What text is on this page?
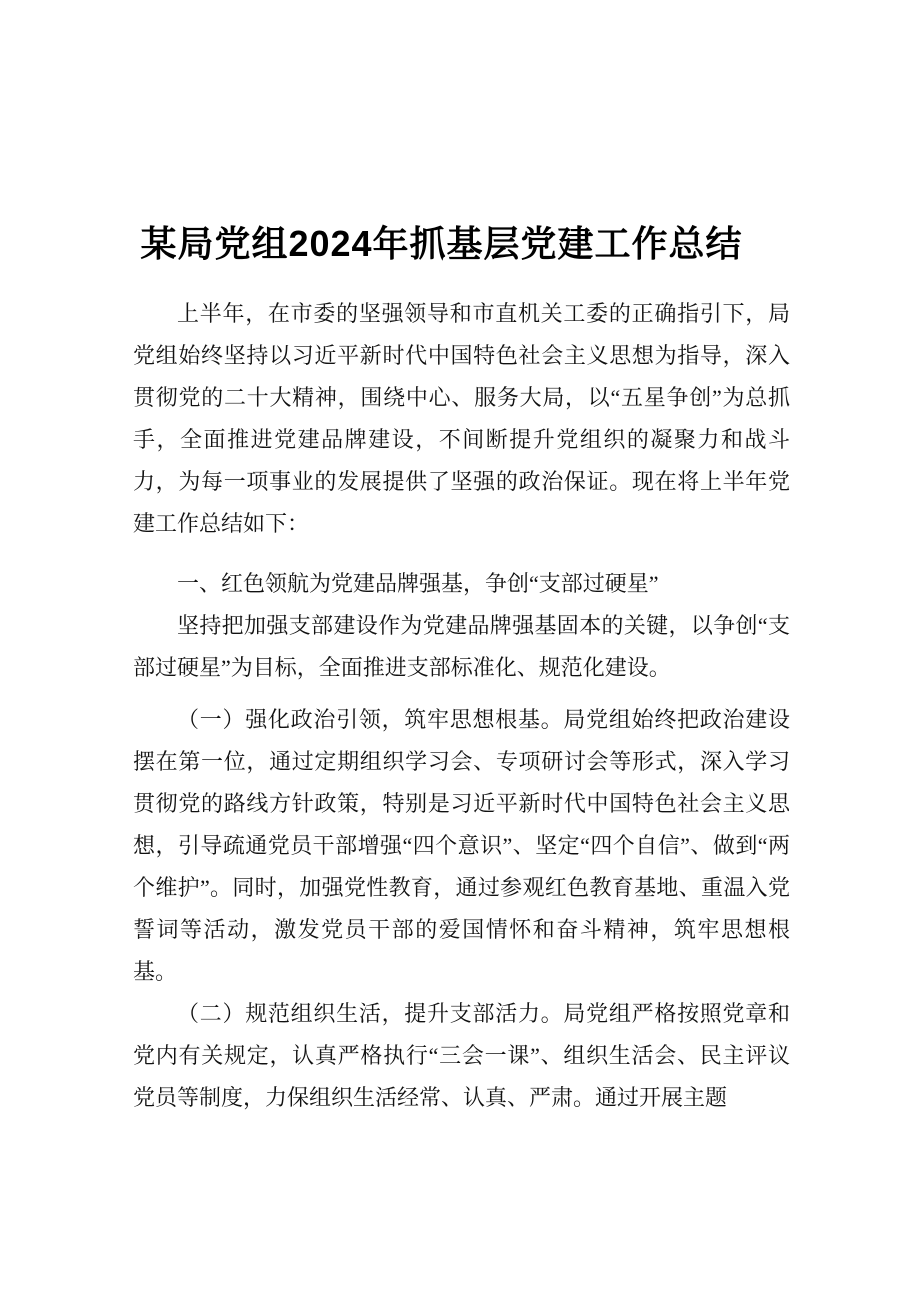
某局党组2024年抓基层党建工作总结

上半年，在市委的坚强领导和市直机关工委的正确指引下，局党组始终坚持以习近平新时代中国特色社会主义思想为指导，深入贯彻党的二十大精神，围绕中心、服务大局，以“五星争创”为总抓手，全面推进党建品牌建设，不间断提升党组织的凝聚力和战斗力，为每一项事业的发展提供了坚强的政治保证。现在将上半年党建工作总结如下：

一、红色领航为党建品牌强基，争创“支部过硬星”

坚持把加强支部建设作为党建品牌强基固本的关键，以争创“支部过硬星”为目标，全面推进支部标准化、规范化建设。

（一）强化政治引领，筑牢思想根基。局党组始终把政治建设摆在第一位，通过定期组织学习会、专项研讨会等形式，深入学习贯彻党的路线方针政策，特别是习近平新时代中国特色社会主义思想，引导疏通党员干部增强“四个意识”、坚定“四个自信”、做到“两个维护”。同时，加强党性教育，通过参观红色教育基地、重温入党誓词等活动，激发党员干部的爱国情怀和奋斗精神，筑牢思想根基。

（二）规范组织生活，提升支部活力。局党组严格按照党章和党内有关规定，认真严格执行“三会一课”、组织生活会、民主评议党员等制度，力保组织生活经常、认真、严肃。通过开展主题
